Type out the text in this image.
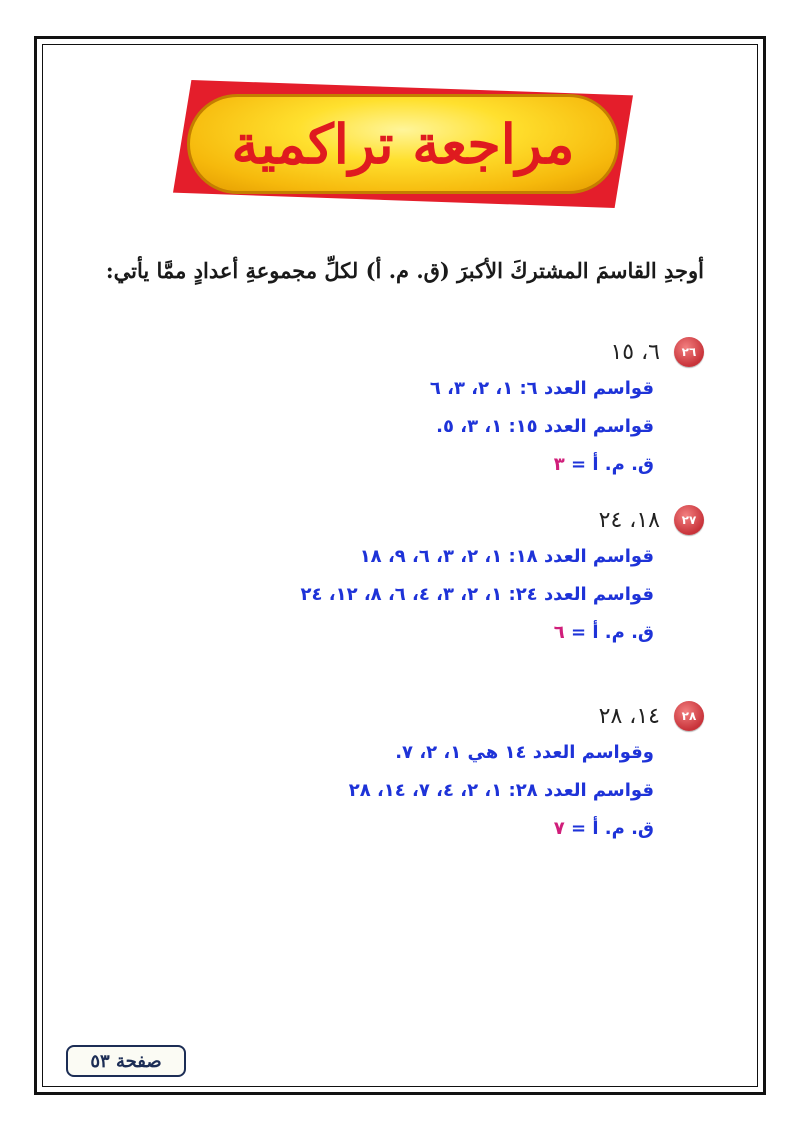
مراجعة تراكمية
أوجدِ القاسمَ المشتركَ الأكبرَ (ق. م. أ) لكلِّ مجموعةِ أعدادٍ ممَّا يأتي:
٢٦
٦، ١٥
قواسم العدد ٦: ١، ٢، ٣، ٦
قواسم العدد ١٥: ١، ٣، ٥.
ق. م. أ = ٣
٢٧
١٨، ٢٤
قواسم العدد ١٨: ١، ٢، ٣، ٦، ٩، ١٨
قواسم العدد ٢٤: ١، ٢، ٣، ٤، ٦، ٨، ١٢، ٢٤
ق. م. أ = ٦
٢٨
١٤، ٢٨
وقواسم العدد ١٤ هي ١، ٢، ٧.
قواسم العدد ٢٨: ١، ٢، ٤، ٧، ١٤، ٢٨
ق. م. أ = ٧
صفحة ٥٣
